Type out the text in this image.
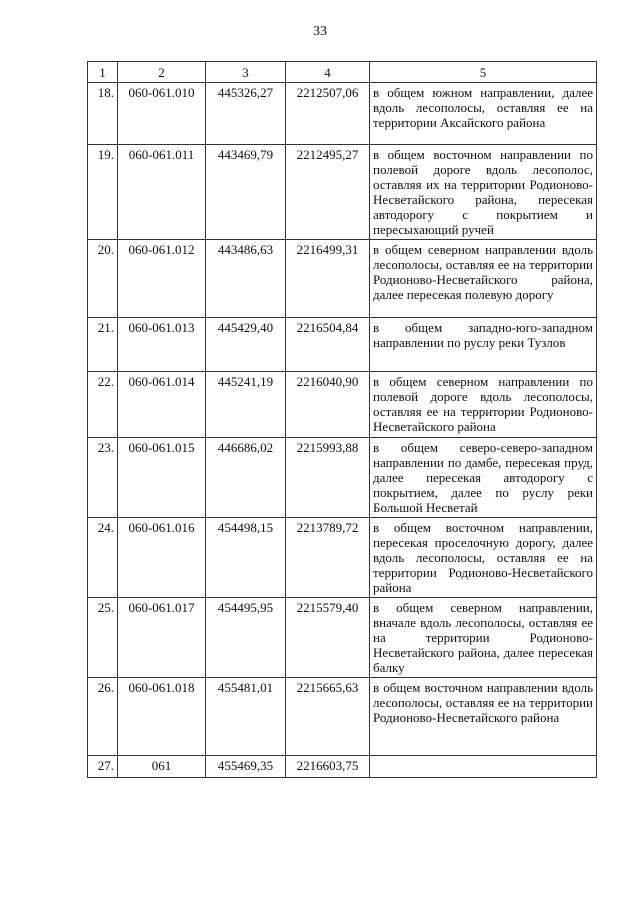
33
1	2	3	4	5
18.	060-061.010	445326,27	2212507,06	в общем южном направлении, далее вдоль лесополосы, оставляя ее на территории Аксайского района
19.	060-061.011	443469,79	2212495,27	в общем восточном направлении по полевой дороге вдоль лесополос, оставляя их на территории Родионово-Несветайского района, пересекая автодорогу с покрытием и пересыхающий ручей
20.	060-061.012	443486,63	2216499,31	в общем северном направлении вдоль лесополосы, оставляя ее на территории Родионово-Несветайского района, далее пересекая полевую дорогу
21.	060-061.013	445429,40	2216504,84	в общем западно-юго-западном направлении по руслу реки Тузлов
22.	060-061.014	445241,19	2216040,90	в общем северном направлении по полевой дороге вдоль лесополосы, оставляя ее на территории Родионово-Несветайского района
23.	060-061.015	446686,02	2215993,88	в общем северо-северо-западном направлении по дамбе, пересекая пруд, далее пересекая автодорогу с покрытием, далее по руслу реки Большой Несветай
24.	060-061.016	454498,15	2213789,72	в общем восточном направлении, пересекая проселочную дорогу, далее вдоль лесополосы, оставляя ее на территории Родионово-Несветайского района
25.	060-061.017	454495,95	2215579,40	в общем северном направлении, вначале вдоль лесополосы, оставляя ее на территории Родионово-Несветайского района, далее пересекая балку
26.	060-061.018	455481,01	2215665,63	в общем восточном направлении вдоль лесополосы, оставляя ее на территории Родионово-Несветайского района
27.	061	455469,35	2216603,75	
